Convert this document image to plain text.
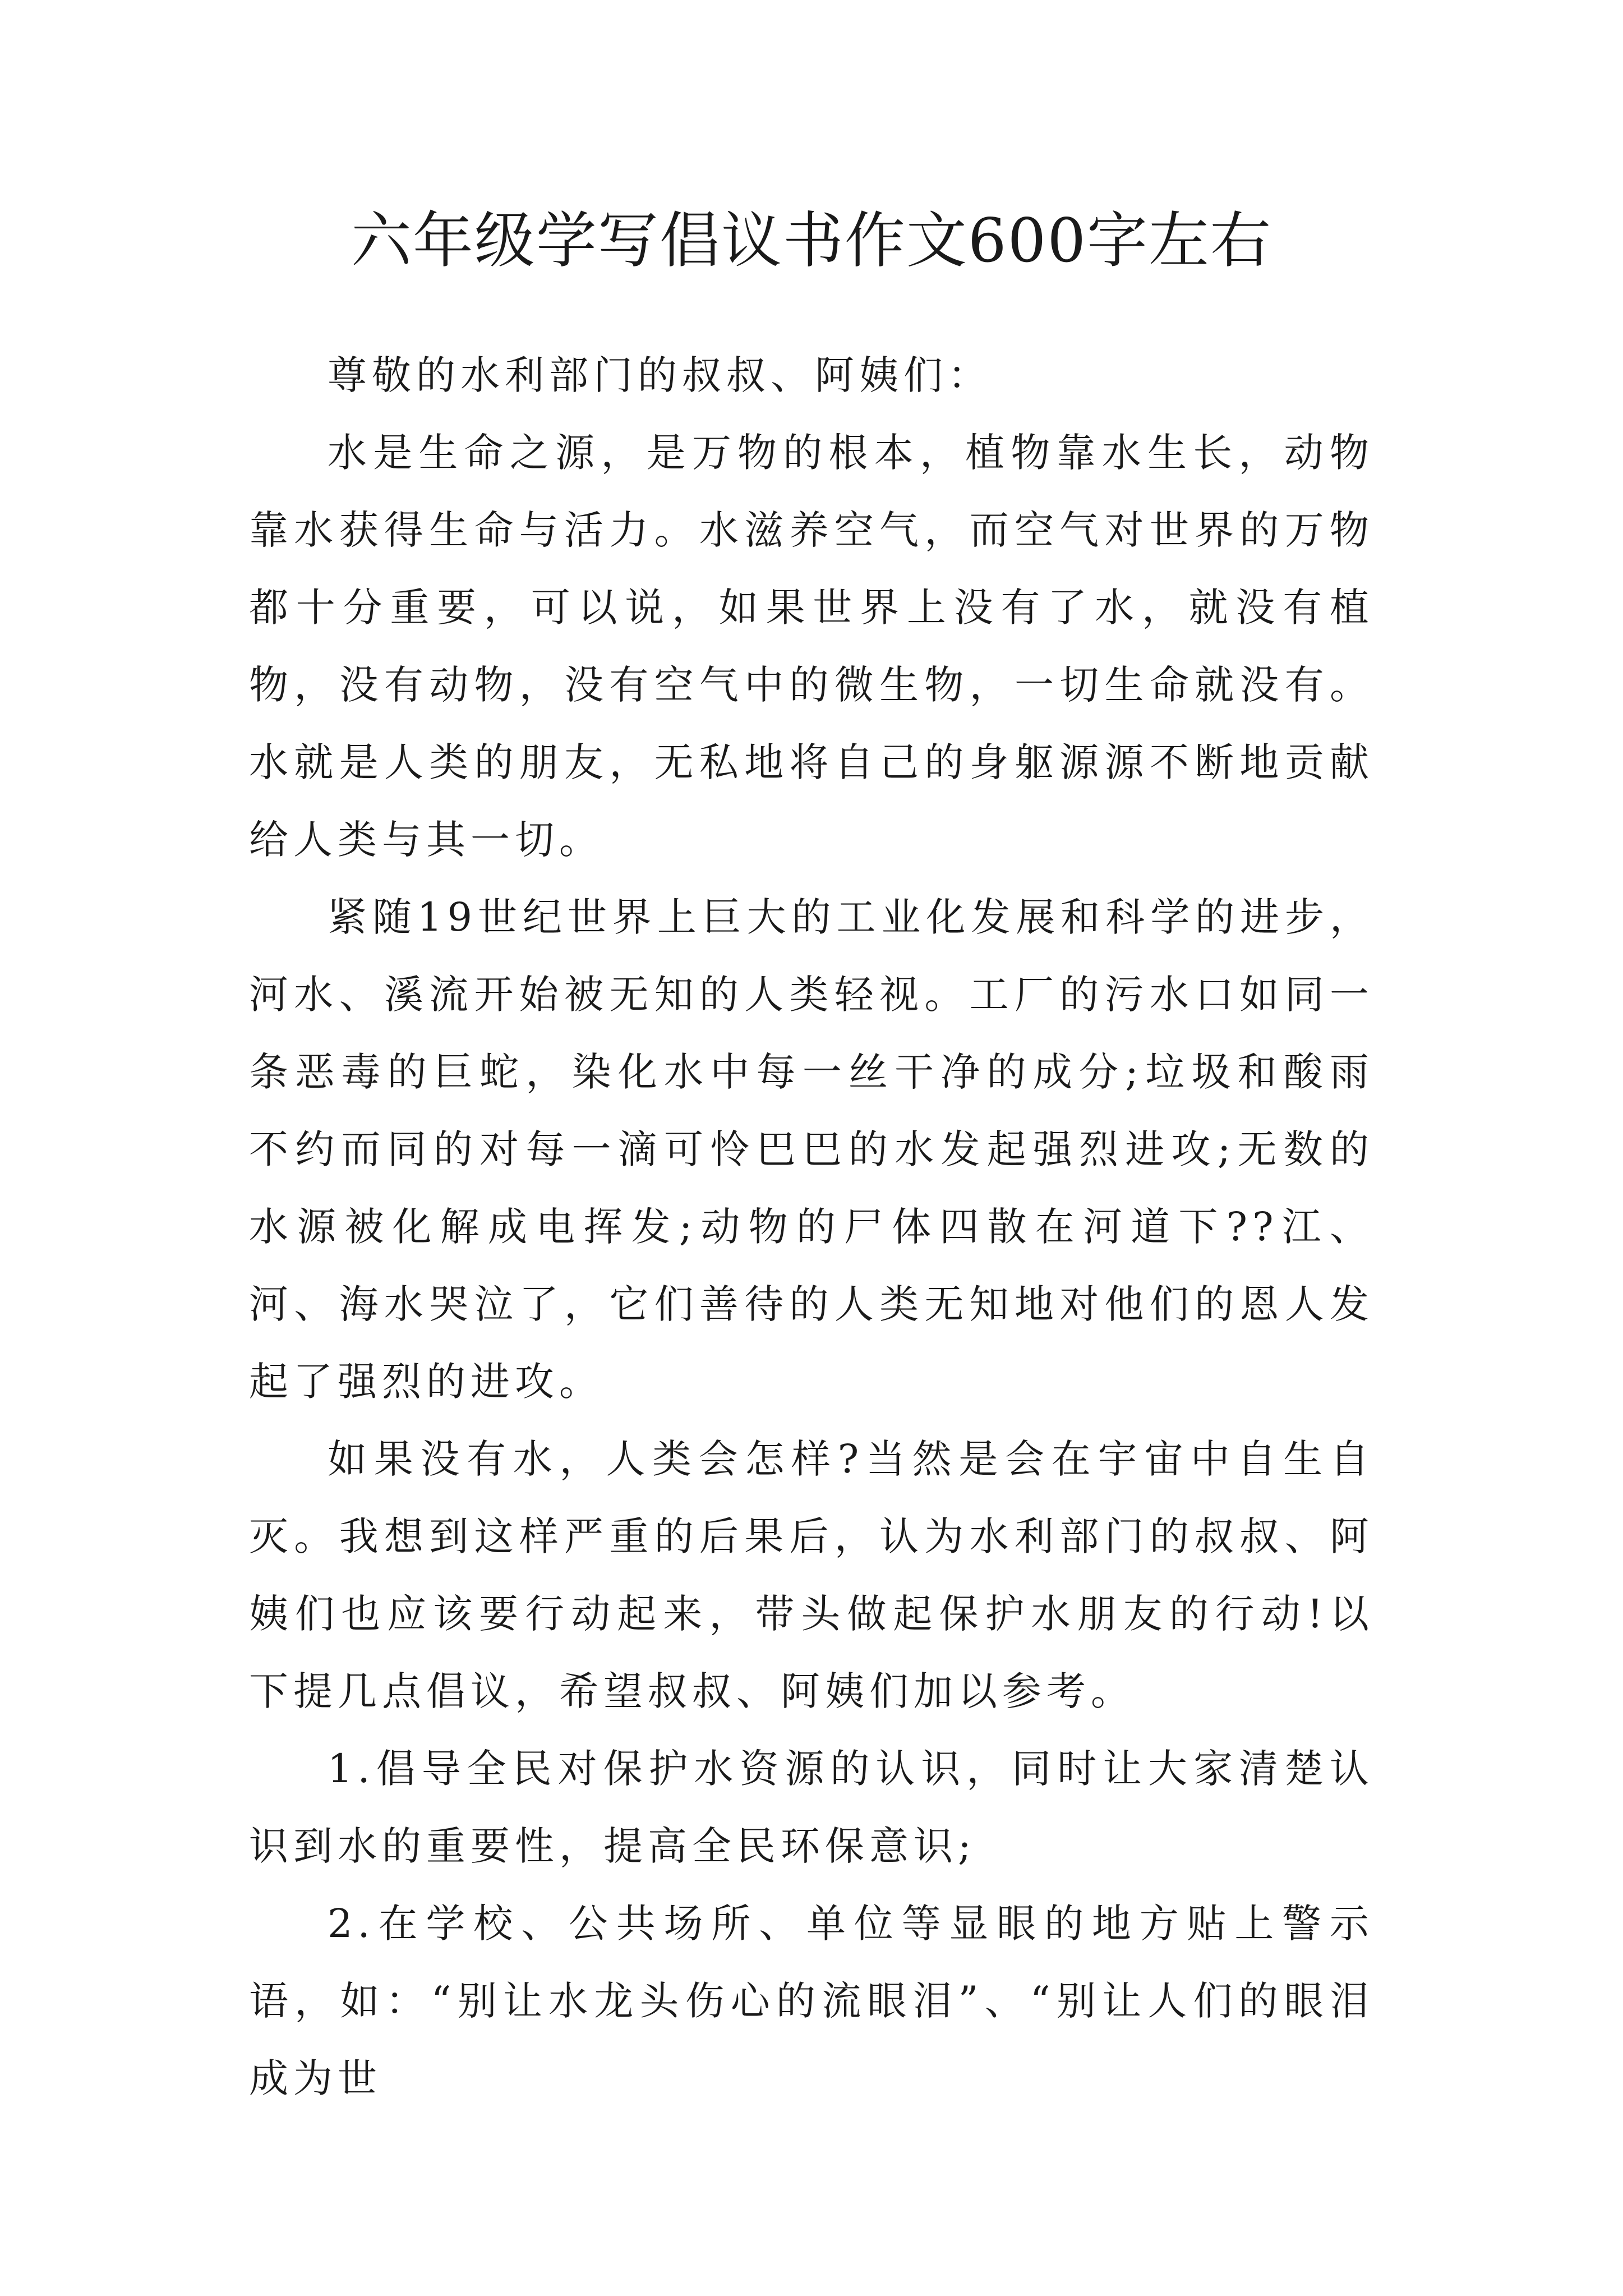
六年级学写倡议书作文600字左右

尊敬的水利部门的叔叔、阿姨们：

水是生命之源，是万物的根本，植物靠水生长，动物靠水获得生命与活力。水滋养空气，而空气对世界的万物都十分重要，可以说，如果世界上没有了水，就没有植物，没有动物，没有空气中的微生物，一切生命就没有。水就是人类的朋友，无私地将自己的身躯源源不断地贡献给人类与其一切。

紧随19世纪世界上巨大的工业化发展和科学的进步，河水、溪流开始被无知的人类轻视。工厂的污水口如同一条恶毒的巨蛇，染化水中每一丝干净的成分;垃圾和酸雨不约而同的对每一滴可怜巴巴的水发起强烈进攻;无数的水源被化解成电挥发;动物的尸体四散在河道下??江、河、海水哭泣了，它们善待的人类无知地对他们的恩人发起了强烈的进攻。

如果没有水，人类会怎样?当然是会在宇宙中自生自灭。我想到这样严重的后果后，认为水利部门的叔叔、阿姨们也应该要行动起来，带头做起保护水朋友的行动!以下提几点倡议，希望叔叔、阿姨们加以参考。

1.倡导全民对保护水资源的认识，同时让大家清楚认识到水的重要性，提高全民环保意识;

2.在学校、公共场所、单位等显眼的地方贴上警示语，如：“别让水龙头伤心的流眼泪”、“别让人们的眼泪成为世
